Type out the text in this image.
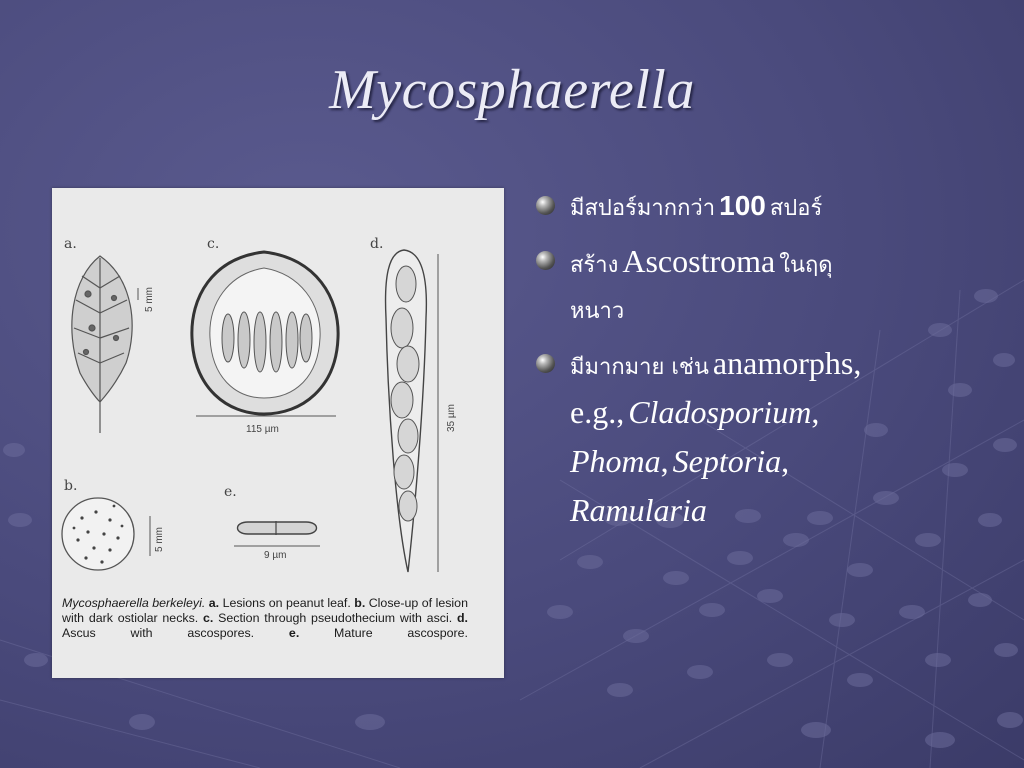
Mycosphaerella
a.	c.	d.
b.	e.
5 mm
115 µm	35 µm
5 mm
9 µm
Mycosphaerella berkeleyi. a. Lesions on peanut leaf. b. Close-up of lesion with dark ostiolar necks. c. Section through pseudothecium with asci. d. Ascus with ascospores.	e.	Mature ascospore.
มีสปอร์มากกว่า 100 สปอร์
สร้าง Ascostroma ในฤดุ
หนาว
มีมากมาย เช่น anamorphs,
e.g., Cladosporium,
Phoma, Septoria,
Ramularia
